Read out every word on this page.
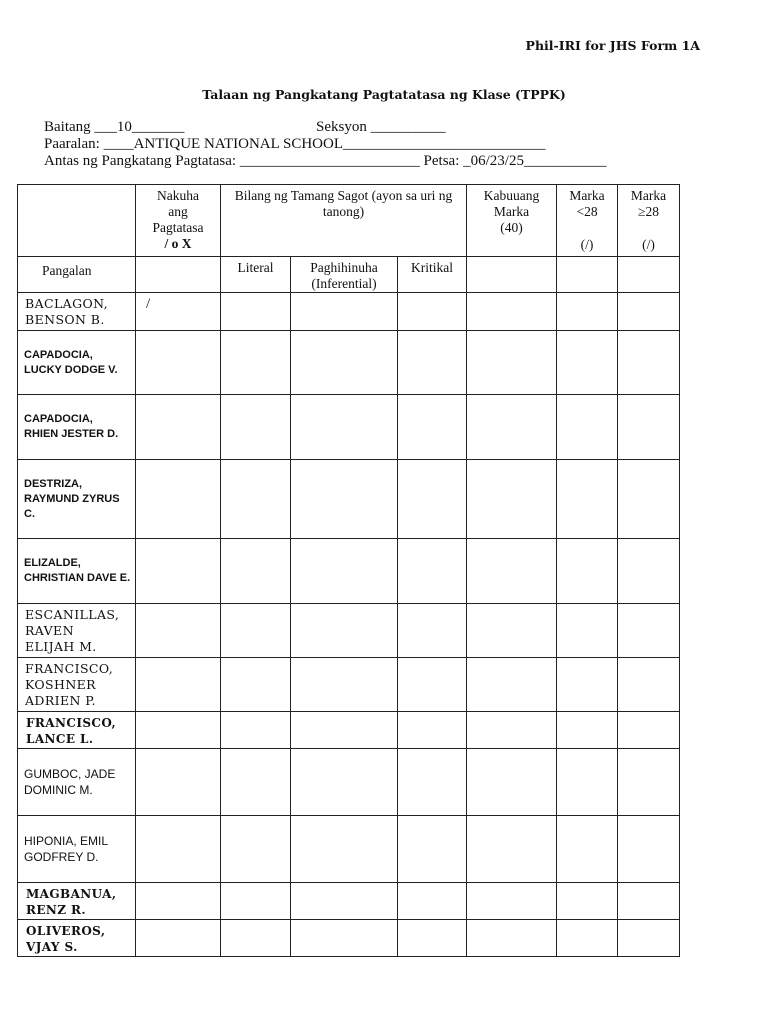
Phil-IRI for JHS Form 1A
Talaan ng Pangkatang Pagtatatasa ng Klase (TPPK)
Baitang ___10_______	Seksyon __________
Paaralan: ____ANTIQUE NATIONAL SCHOOL___________________________
Antas ng Pangkatang Pagtatasa: ________________________ Petsa: _06/23/25___________

	Nakuha
ang
Pagtatasa
/ o X	Bilang ng Tamang Sagot (ayon sa uri ng tanong)			Kabuuang
Marka
(40)	Marka
<28
(/)	Marka
≥28
(/)

Pangalan		Literal	Paghihinuha (Inferential)	Kritikal			

BACLAGON,
BENSON B.	/						

CAPADOCIA,
LUCKY DODGE V.							

CAPADOCIA,
RHIEN JESTER D.							

DESTRIZA,
RAYMUND ZYRUS
C.							

ELIZALDE,
CHRISTIAN DAVE E.							

ESCANILLAS,
RAVEN
ELIJAH M.							

FRANCISCO,
KOSHNER
ADRIEN P.							

FRANCISCO,
LANCE L.							

GUMBOC, JADE
DOMINIC M.							

HIPONIA, EMIL
GODFREY D.							

MAGBANUA,
RENZ R.							

OLIVEROS,
VJAY S.							
